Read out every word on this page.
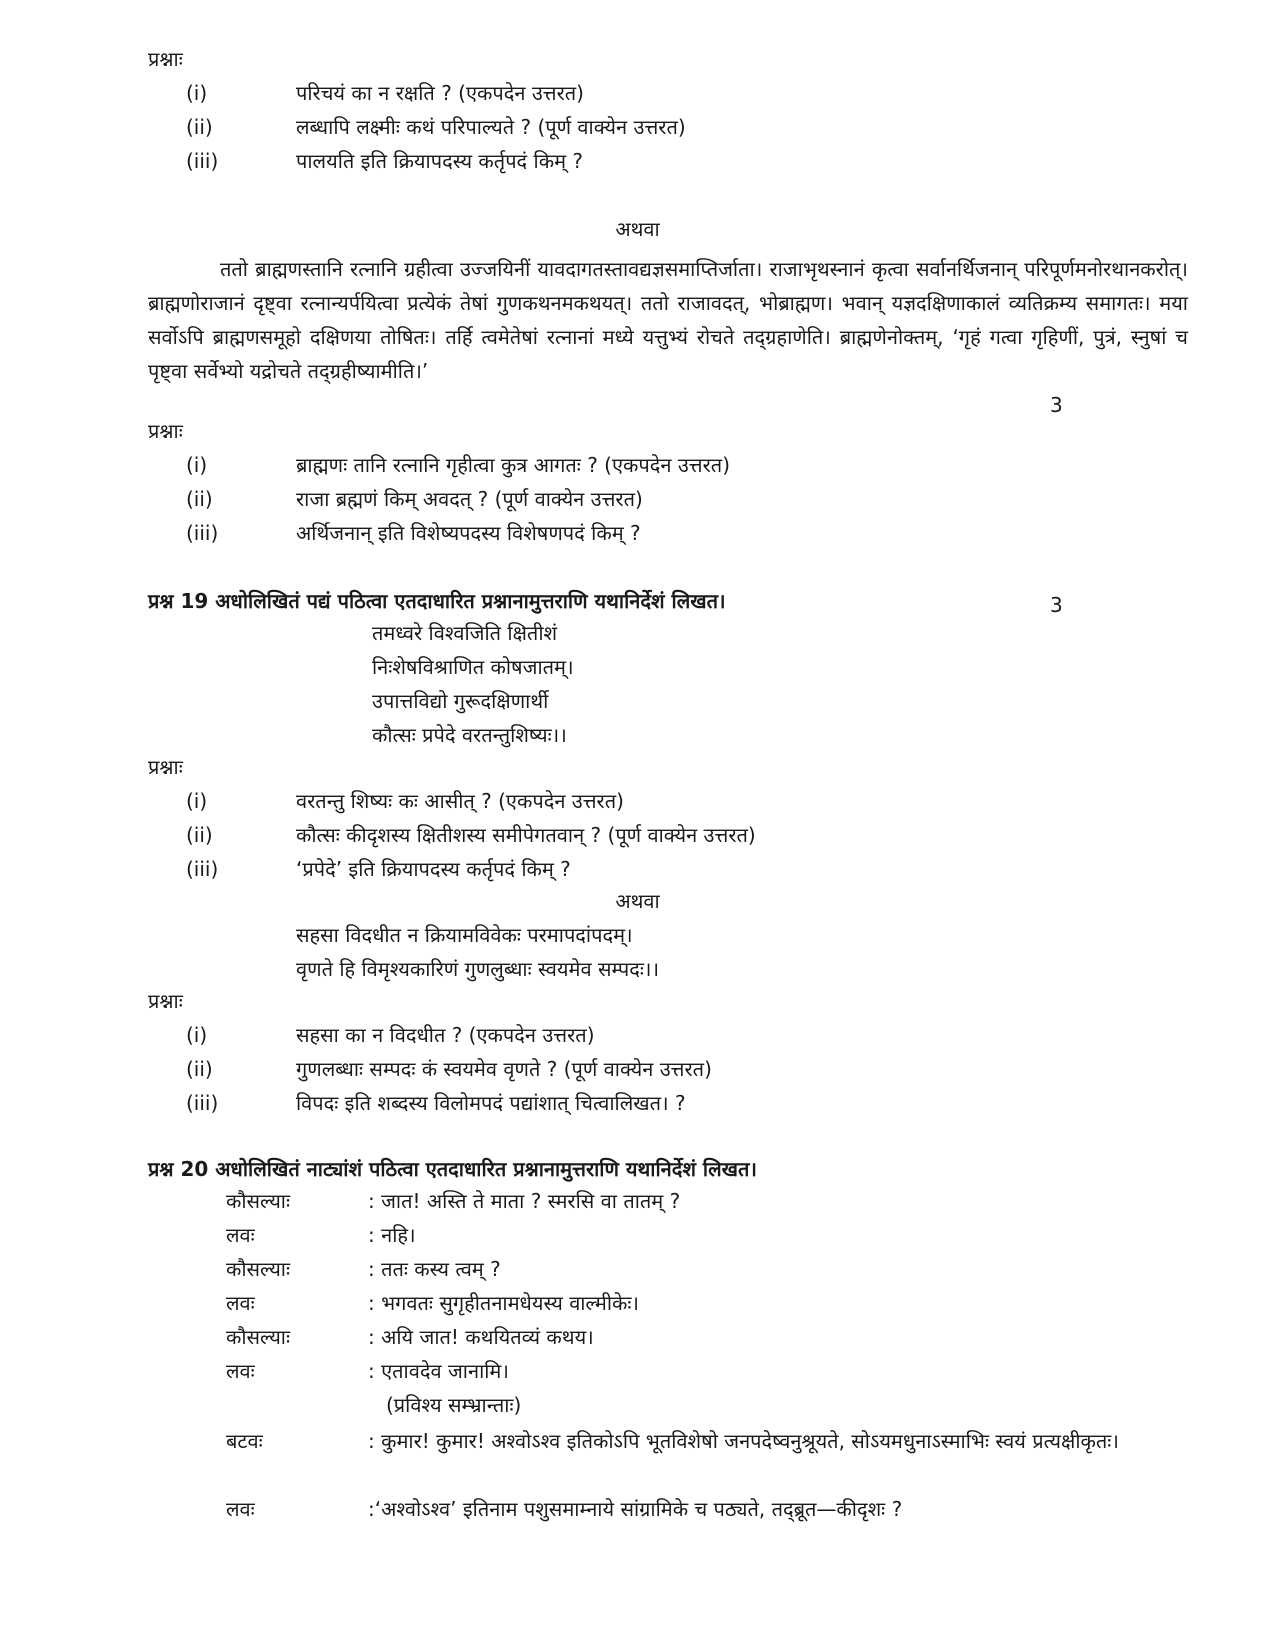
प्रश्नाः
(i)	परिचयं का न रक्षति ? (एकपदेन उत्तरत)
(ii)	लब्धापि लक्ष्मीः कथं परिपाल्यते ? (पूर्ण वाक्येन उत्तरत)
(iii)	पालयति इति क्रियापदस्य कर्तृपदं किम् ?
अथवा
ततो ब्राह्मणस्तानि रत्नानि ग्रहीत्वा उज्जयिनीं यावदागतस्तावद्यज्ञसमाप्तिर्जाता। राजाभृथस्नानं कृत्वा सर्वानर्थिजनान् परिपूर्णमनोरथानकरोत्। ब्राह्मणोराजानं दृष्ट्वा रत्नान्यर्पयित्वा प्रत्येकं तेषां गुणकथनमकथयत्। ततो राजावदत्, भोब्राह्मण। भवान् यज्ञदक्षिणाकालं व्यतिक्रम्य समागतः। मया सर्वोऽपि ब्राह्मणसमूहो दक्षिणया तोषितः। तर्हि त्वमेतेषां रत्नानां मध्ये यत्तुभ्यं रोचते तद्ग्रहाणेति। ब्राह्मणेनोक्तम्, ‘गृहं गत्वा गृहिणीं, पुत्रं, स्नुषां च पृष्ट्वा सर्वेभ्यो यद्रोचते तद्ग्रहीष्यामीति।’
3
प्रश्नाः
(i)	ब्राह्मणः तानि रत्नानि गृहीत्वा कुत्र आगतः ? (एकपदेन उत्तरत)
(ii)	राजा ब्रह्मणं किम् अवदत् ? (पूर्ण वाक्येन उत्तरत)
(iii)	अर्थिजनान् इति विशेष्यपदस्य विशेषणपदं किम् ?
प्रश्न 19 अधोलिखितं पद्यं पठित्वा एतदाधारित प्रश्नानामुत्तराणि यथानिर्देशं लिखत।	3
तमध्वरे विश्वजिति क्षितीशं
निःशेषविश्राणित कोषजातम्।
उपात्तविद्यो गुरूदक्षिणार्थी
कौत्सः प्रपेदे वरतन्तुशिष्यः।।
प्रश्नाः
(i)	वरतन्तु शिष्यः कः आसीत् ? (एकपदेन उत्तरत)
(ii)	कौत्सः कीदृशस्य क्षितीशस्य समीपेगतवान् ? (पूर्ण वाक्येन उत्तरत)
(iii)	‘प्रपेदे’ इति क्रियापदस्य कर्तृपदं किम् ?
अथवा
सहसा विदधीत न क्रियामविवेकः परमापदांपदम्।
वृणते हि विमृश्यकारिणं गुणलुब्धाः स्वयमेव सम्पदः।।
प्रश्नाः
(i)	सहसा का न विदधीत ? (एकपदेन उत्तरत)
(ii)	गुणलब्धाः सम्पदः कं स्वयमेव वृणते ? (पूर्ण वाक्येन उत्तरत)
(iii)	विपदः इति शब्दस्य विलोमपदं पद्यांशात् चित्वालिखत। ?
प्रश्न 20 अधोलिखितं नाट्यांशं पठित्वा एतदाधारित प्रश्नानामुत्तराणि यथानिर्देशं लिखत।
कौसल्याः	: जात! अस्ति ते माता ? स्मरसि वा तातम् ?
लवः	: नहि।
कौसल्याः	: ततः कस्य त्वम् ?
लवः	: भगवतः सुगृहीतनामधेयस्य वाल्मीकेः।
कौसल्याः	: अयि जात! कथयितव्यं कथय।
लवः	: एतावदेव जानामि।
(प्रविश्य सम्भ्रान्ताः)
बटवः	: कुमार! कुमार! अश्वोऽश्व इतिकोऽपि भूतविशेषो जनपदेष्वनुश्रूयते, सोऽयमधुनाऽस्माभिः स्वयं प्रत्यक्षीकृतः।
लवः	:‘अश्वोऽश्व’ इतिनाम पशुसमाम्नाये सांग्रामिके च पठ्यते, तद्ब्रूत—कीदृशः ?
